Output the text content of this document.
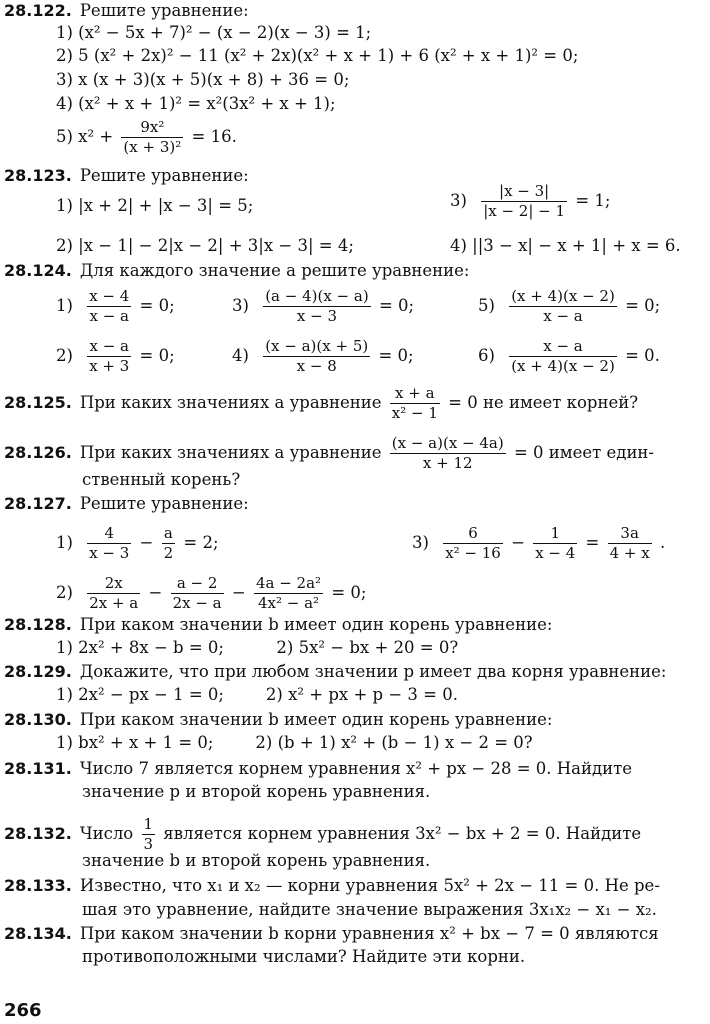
28.122. Решите уравнение:
1) (x² − 5x + 7)² − (x − 2)(x − 3) = 1;
2) 5 (x² + 2x)² − 11 (x² + 2x)(x² + x + 1) + 6 (x² + x + 1)² = 0;
3) x (x + 3)(x + 5)(x + 8) + 36 = 0;
4) (x² + x + 1)² = x²(3x² + x + 1);
5) $x^2 + \frac{\text{9x²}}{\text{(x + 3)²}} = 16$.
28.123. Решите уравнение:
1) |x + 2| + |x − 3| = 5;	$3) \frac{|x - 3|}{|x - 2| - 1} = 1$;
2) |x − 1| − 2|x − 2| + 3|x − 3| = 4;	4) ||3 − x| − x + 1| + x = 6.
28.124. Для каждого значение a решите уравнение:
$1) \frac{x - 4}{x - a} = 0$;	$3) \frac{(a - 4)(x - a)}{x - 3} = 0$;	$5) \frac{(x + 4)(x - 2)}{x - a} = 0$;
$2) \frac{x - a}{x + 3} = 0$;	$4) \frac{(x - a)(x + 5)}{x - 8} = 0$;	$6) \frac{x - a}{(x + 4)(x - 2)} = 0$.
28.125. При каких значениях a уравнение $\frac{x + a}{\text{x² − 1}} = 0$ не имеет корней?
28.126. При каких значениях a уравнение $\frac{(x - a)(x - 4a)}{x + 12} = 0$ имеет един-
ственный корень?
28.127. Решите уравнение:
$1) \frac{4}{x - 3} - \frac{a}{2} = 2$;	$3) \frac{6}{\text{x² − 16}} - \frac{1}{x - 4} = \frac{3a}{4 + x}$ .
$2) \frac{2x}{2x + a} - \frac{a - 2}{2x - a} - \frac{\text{4a − 2a²}}{\text{4x² − a²}} = 0$;
28.128. При каком значении b имеет один корень уравнение:
1) 2x² + 8x − b = 0;          2) 5x² − bx + 20 = 0?
28.129. Докажите, что при любом значении p имеет два корня уравнение:
1) 2x² − px − 1 = 0;        2) x² + px + p − 3 = 0.
28.130. При каком значении b имеет один корень уравнение:
1) bx² + x + 1 = 0;        2) (b + 1) x² + (b − 1) x − 2 = 0?
28.131. Число 7 является корнем уравнения x² + px − 28 = 0. Найдите
значение p и второй корень уравнения.
28.132. Число $\frac{1}{3}$ является корнем уравнения 3x² − bx + 2 = 0. Найдите
значение b и второй корень уравнения.
28.133. Известно, что x₁ и x₂ — корни уравнения 5x² + 2x − 11 = 0. Не ре-
шая это уравнение, найдите значение выражения 3x₁x₂ − x₁ − x₂.
28.134. При каком значении b корни уравнения x² + bx − 7 = 0 являются
противоположными числами? Найдите эти корни.
266
